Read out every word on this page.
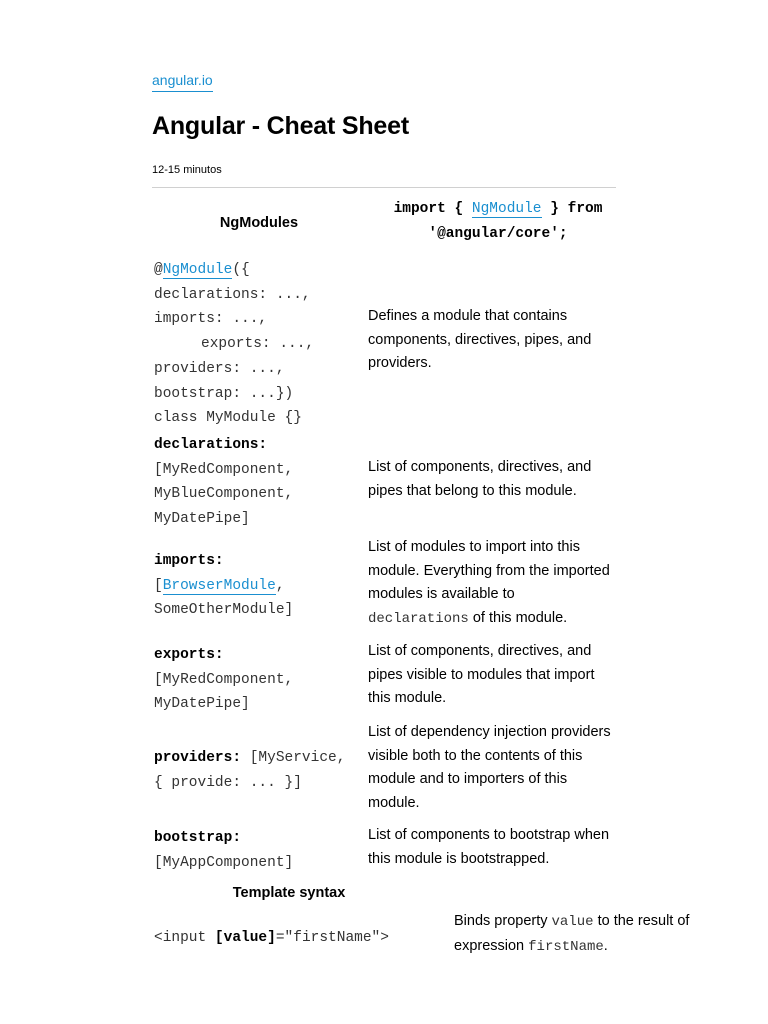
angular.io
Angular - Cheat Sheet
12-15 minutos
NgModules
import { NgModule } from
'@angular/core';
@NgModule({
declarations: ...,
imports: ...,
exports: ...,
providers: ...,
bootstrap: ...})
class MyModule {}
Defines a module that contains components, directives, pipes, and providers.
declarations:
[MyRedComponent,
MyBlueComponent,
MyDatePipe]
List of components, directives, and pipes that belong to this module.
imports:
[BrowserModule,
SomeOtherModule]
List of modules to import into this module. Everything from the imported modules is available to declarations of this module.
exports:
[MyRedComponent,
MyDatePipe]
List of components, directives, and pipes visible to modules that import this module.
providers: [MyService,
{ provide: ... }]
List of dependency injection providers visible both to the contents of this module and to importers of this module.
bootstrap:
[MyAppComponent]
List of components to bootstrap when this module is bootstrapped.
Template syntax
<input [value]="firstName">
Binds property value to the result of expression firstName.
